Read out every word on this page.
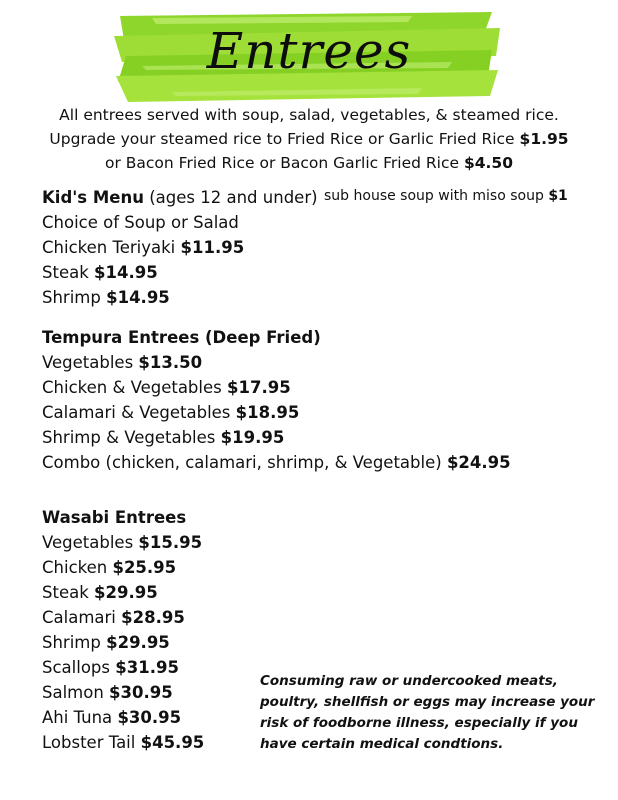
Entrees
All entrees served with soup, salad, vegetables, & steamed rice.
Upgrade your steamed rice to Fried Rice or Garlic Fried Rice $1.95
or Bacon Fried Rice or Bacon Garlic Fried Rice $4.50
Kid's Menu (ages 12 and under) sub house soup with miso soup $1
Choice of Soup or Salad
Chicken Teriyaki $11.95
Steak $14.95
Shrimp $14.95
Tempura Entrees (Deep Fried)
Vegetables $13.50
Chicken & Vegetables $17.95
Calamari & Vegetables $18.95
Shrimp & Vegetables $19.95
Combo (chicken, calamari, shrimp, & Vegetable) $24.95
Wasabi Entrees
Vegetables $15.95
Chicken $25.95
Steak $29.95
Calamari $28.95
Shrimp $29.95
Scallops $31.95
Salmon $30.95
Ahi Tuna $30.95
Lobster Tail $45.95
Consuming raw or undercooked meats, poultry, shellfish or eggs may increase your risk of foodborne illness, especially if you have certain medical condtions.
